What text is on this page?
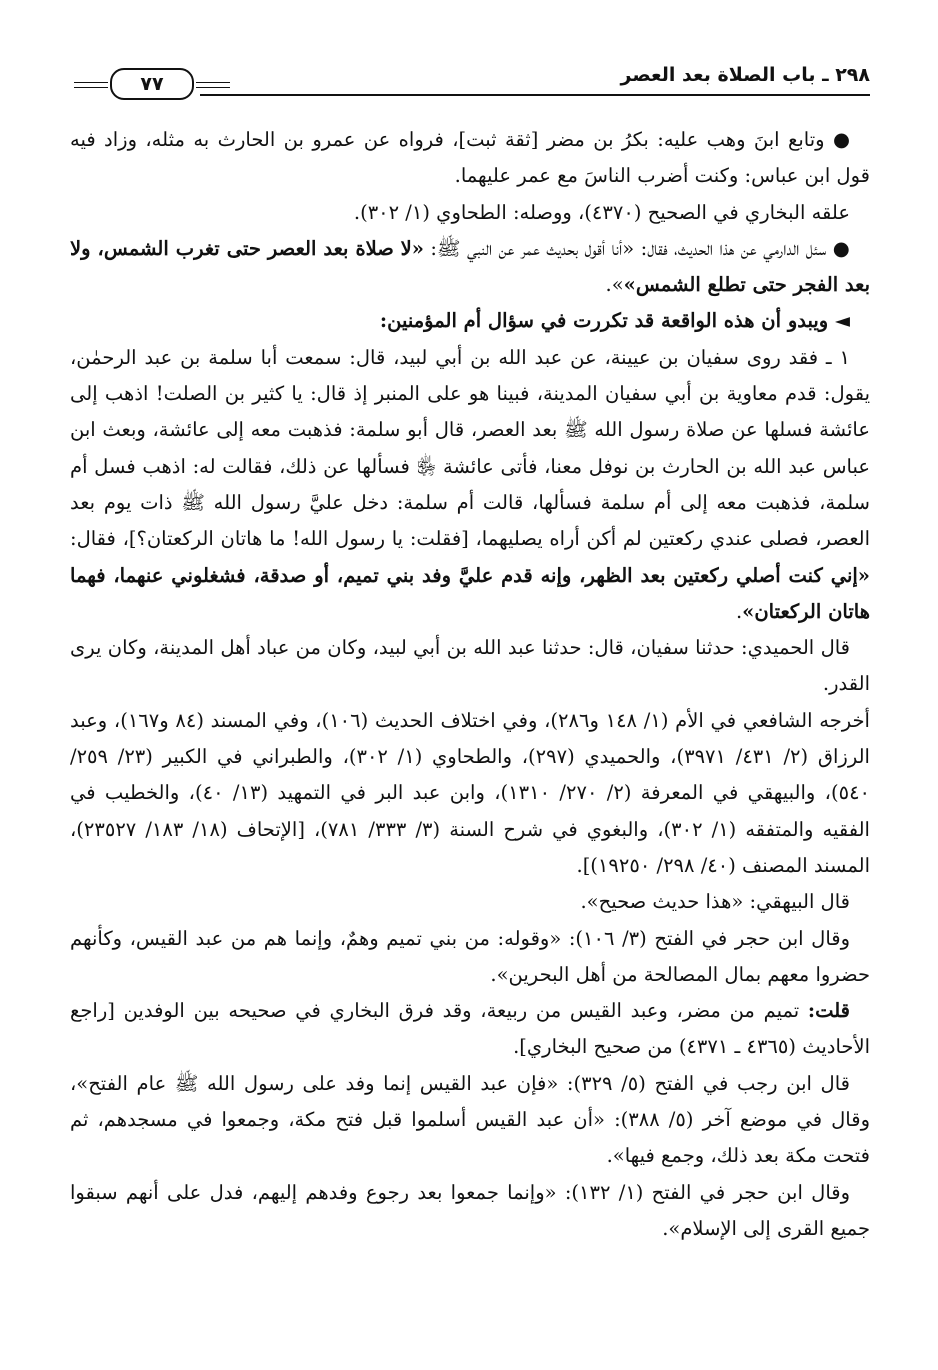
٢٩٨ ـ باب الصلاة بعد العصر
٧٧

● وتابع ابنَ وهب عليه: بكرُ بن مضر [ثقة ثبت]، فرواه عن عمرو بن الحارث به مثله، وزاد فيه قول ابن عباس: وكنت أضرب الناسَ مع عمر عليهما.

علقه البخاري في الصحيح (٤٣٧٠)، ووصله: الطحاوي (١/ ٣٠٢).

● سئل الدارمي عن هذا الحديث، فقال: «أنا أقول بحديث عمر عن النبي ﷺ: «لا صلاة بعد العصر حتى تغرب الشمس، ولا بعد الفجر حتى تطلع الشمس»».

◄ ويبدو أن هذه الواقعة قد تكررت في سؤال أم المؤمنين:

١ ـ فقد روى سفيان بن عيينة، عن عبد الله بن أبي لبيد، قال: سمعت أبا سلمة بن عبد الرحمٰن، يقول: قدم معاوية بن أبي سفيان المدينة، فبينا هو على المنبر إذ قال: يا كثير بن الصلت! اذهب إلى عائشة فسلها عن صلاة رسول الله ﷺ بعد العصر، قال أبو سلمة: فذهبت معه إلى عائشة، وبعث ابن عباس عبد الله بن الحارث بن نوفل معنا، فأتى عائشة ﵂ فسألها عن ذلك، فقالت له: اذهب فسل أم سلمة، فذهبت معه إلى أم سلمة فسألها، قالت أم سلمة: دخل عليَّ رسول الله ﷺ ذات يوم بعد العصر، فصلى عندي ركعتين لم أكن أراه يصليهما، [فقلت: يا رسول الله! ما هاتان الركعتان؟]، فقال: «إني كنت أصلي ركعتين بعد الظهر، وإنه قدم عليَّ وفد بني تميم، أو صدقة، فشغلوني عنهما، فهما هاتان الركعتان».

قال الحميدي: حدثنا سفيان، قال: حدثنا عبد الله بن أبي لبيد، وكان من عباد أهل المدينة، وكان يرى القدر.

أخرجه الشافعي في الأم (١/ ١٤٨ و٢٨٦)، وفي اختلاف الحديث (١٠٦)، وفي المسند (٨٤ و١٦٧)، وعبد الرزاق (٢/ ٤٣١/ ٣٩٧١)، والحميدي (٢٩٧)، والطحاوي (١/ ٣٠٢)، والطبراني في الكبير (٢٣/ ٢٥٩/ ٥٤٠)، والبيهقي في المعرفة (٢/ ٢٧٠/ ١٣١٠)، وابن عبد البر في التمهيد (١٣/ ٤٠)، والخطيب في الفقيه والمتفقه (١/ ٣٠٢)، والبغوي في شرح السنة (٣/ ٣٣٣/ ٧٨١)، [الإتحاف (١٨/ ١٨٣/ ٢٣٥٢٧)، المسند المصنف (٤٠/ ٢٩٨/ ١٩٢٥٠)].

قال البيهقي: «هذا حديث صحيح».

وقال ابن حجر في الفتح (٣/ ١٠٦): «وقوله: من بني تميم وهمٌ، وإنما هم من عبد القيس، وكأنهم حضروا معهم بمال المصالحة من أهل البحرين».

قلت: تميم من مضر، وعبد القيس من ربيعة، وقد فرق البخاري في صحيحه بين الوفدين [راجع الأحاديث (٤٣٦٥ ـ ٤٣٧١) من صحيح البخاري].

قال ابن رجب في الفتح (٥/ ٣٢٩): «فإن عبد القيس إنما وفد على رسول الله ﷺ عام الفتح»، وقال في موضع آخر (٥/ ٣٨٨): «أن عبد القيس أسلموا قبل فتح مكة، وجمعوا في مسجدهم، ثم فتحت مكة بعد ذلك، وجمع فيها».

وقال ابن حجر في الفتح (١/ ١٣٢): «وإنما جمعوا بعد رجوع وفدهم إليهم، فدل على أنهم سبقوا جميع القرى إلى الإسلام».
